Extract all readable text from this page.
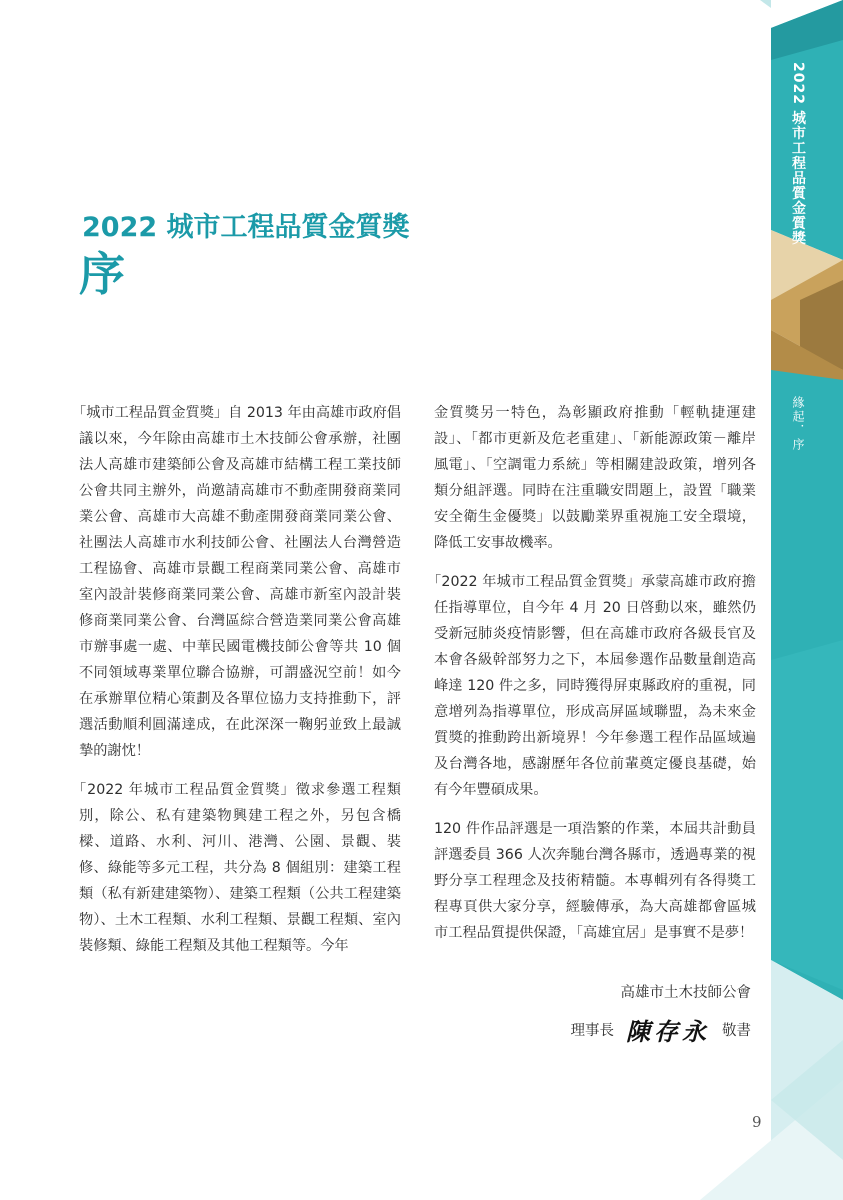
2022 城市工程品質金質獎
緣起．序
2022 城市工程品質金質獎
序

「城市工程品質金質獎」自 2013 年由高雄市政府倡議以來，今年除由高雄市土木技師公會承辦，社團法人高雄市建築師公會及高雄市結構工程工業技師公會共同主辦外，尚邀請高雄市不動產開發商業同業公會、高雄市大高雄不動產開發商業同業公會、社團法人高雄市水利技師公會、社團法人台灣營造工程協會、高雄市景觀工程商業同業公會、高雄市室內設計裝修商業同業公會、高雄市新室內設計裝修商業同業公會、台灣區綜合營造業同業公會高雄市辦事處一處、中華民國電機技師公會等共 10 個不同領域專業單位聯合協辦，可謂盛況空前！如今在承辦單位精心策劃及各單位協力支持推動下，評選活動順利圓滿達成，在此深深一鞠躬並致上最誠摯的謝忱！

「2022 年城市工程品質金質獎」徵求參選工程類別，除公、私有建築物興建工程之外，另包含橋樑、道路、水利、河川、港灣、公園、景觀、裝修、綠能等多元工程，共分為 8 個組別：建築工程類（私有新建建築物）、建築工程類（公共工程建築物）、土木工程類、水利工程類、景觀工程類、室內裝修類、綠能工程類及其他工程類等。今年

金質獎另一特色，為彰顯政府推動「輕軌捷運建設」、「都市更新及危老重建」、「新能源政策－離岸風電」、「空調電力系統」等相關建設政策，增列各類分組評選。同時在注重職安問題上，設置「職業安全衛生金優獎」以鼓勵業界重視施工安全環境，降低工安事故機率。

「2022 年城市工程品質金質獎」承蒙高雄市政府擔任指導單位，自今年 4 月 20 日啓動以來，雖然仍受新冠肺炎疫情影響，但在高雄市政府各級長官及本會各級幹部努力之下，本屆參選作品數量創造高峰達 120 件之多，同時獲得屏東縣政府的重視，同意增列為指導單位，形成高屏區域聯盟，為未來金質獎的推動跨出新境界！今年參選工程作品區域遍及台灣各地，感謝歷年各位前輩奠定優良基礎，始有今年豐碩成果。

120 件作品評選是一項浩繁的作業，本屆共計動員評選委員 366 人次奔馳台灣各縣市，透過專業的視野分享工程理念及技術精髓。本專輯列有各得獎工程專頁供大家分享，經驗傳承，為大高雄都會區城市工程品質提供保證，「高雄宜居」是事實不是夢！

高雄市土木技師公會
理事長 陳存永 敬書
9
